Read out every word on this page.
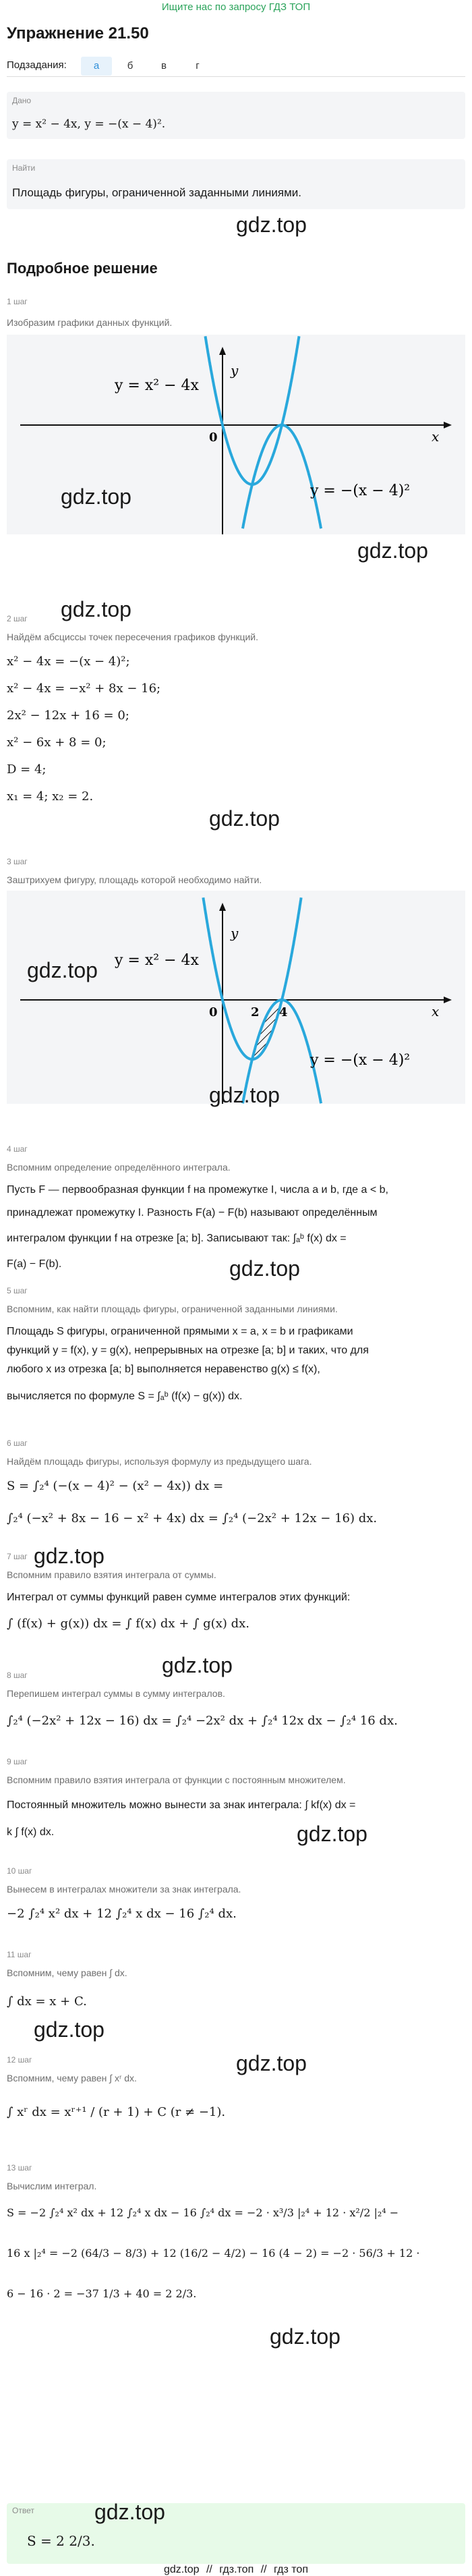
Ищите нас по запросу ГДЗ ТОП
Упражнение 21.50
Подзадания:	а	б	в	г
Дано
y = x² − 4x, y = −(x − 4)².
Найти
Площадь фигуры, ограниченной заданными линиями.
gdz.top
Подробное решение
1 шаг
Изобразим графики данных функций.
y = x² − 4x
y = −(x − 4)²
x
y
0
gdz.top
gdz.top
gdz.top
2 шаг
Найдём абсциссы точек пересечения графиков функций.
x² − 4x = −(x − 4)²;
x² − 4x = −x² + 8x − 16;
2x² − 12x + 16 = 0;
x² − 6x + 8 = 0;
D = 4;
x₁ = 4; x₂ = 2.
gdz.top
3 шаг
Заштрихуем фигуру, площадь которой необходимо найти.
y = x² − 4x
y = −(x − 4)²
x
y
0	2 4
gdz.top
gdz.top
4 шаг
Вспомним определение определённого интеграла.
Пусть F — первообразная функции f на промежутке I, числа a и b, где a < b,
принадлежат промежутку I. Разность F(a) − F(b) называют определённым
интегралом функции f на отрезке [a; b]. Записывают так: ∫ₐᵇ f(x) dx =
F(a) − F(b).	gdz.top
5 шаг
Вспомним, как найти площадь фигуры, ограниченной заданными линиями.
Площадь S фигуры, ограниченной прямыми x = a, x = b и графиками
функций y = f(x), y = g(x), непрерывных на отрезке [a; b] и таких, что для
любого x из отрезка [a; b] выполняется неравенство g(x) ≤ f(x),
вычисляется по формуле S = ∫ₐᵇ (f(x) − g(x)) dx.
6 шаг
Найдём площадь фигуры, используя формулу из предыдущего шага.
S = ∫₂⁴ (−(x − 4)² − (x² − 4x)) dx =
∫₂⁴ (−x² + 8x − 16 − x² + 4x) dx = ∫₂⁴ (−2x² + 12x − 16) dx.
gdz.top
7 шаг
Вспомним правило взятия интеграла от суммы.
Интеграл от суммы функций равен сумме интегралов этих функций:
∫ (f(x) + g(x)) dx = ∫ f(x) dx + ∫ g(x) dx.
gdz.top
8 шаг
Перепишем интеграл суммы в сумму интегралов.
∫₂⁴ (−2x² + 12x − 16) dx = ∫₂⁴ −2x² dx + ∫₂⁴ 12x dx − ∫₂⁴ 16 dx.
9 шаг
Вспомним правило взятия интеграла от функции с постоянным множителем.
Постоянный множитель можно вынести за знак интеграла: ∫ kf(x) dx =
k ∫ f(x) dx.	gdz.top
10 шаг
Вынесем в интегралах множители за знак интеграла.
−2 ∫₂⁴ x² dx + 12 ∫₂⁴ x dx − 16 ∫₂⁴ dx.
11 шаг
Вспомним, чему равен ∫ dx.
∫ dx = x + C.
gdz.top
gdz.top
12 шаг
Вспомним, чему равен ∫ xʳ dx.
∫ xʳ dx = xʳ⁺¹ / (r + 1) + C (r ≠ −1).
13 шаг
Вычислим интеграл.
S = −2 ∫₂⁴ x² dx + 12 ∫₂⁴ x dx − 16 ∫₂⁴ dx = −2 · x³/3 |₂⁴ + 12 · x²/2 |₂⁴ −
16 x |₂⁴ = −2 (64/3 − 8/3) + 12 (16/2 − 4/2) − 16 (4 − 2) = −2 · 56/3 + 12 ·
6 − 16 · 2 = −37 1/3 + 40 = 2 2/3.
gdz.top
Ответ
S = 2 2/3.
gdz.top
gdz.top // гдз.топ // гдз топ
